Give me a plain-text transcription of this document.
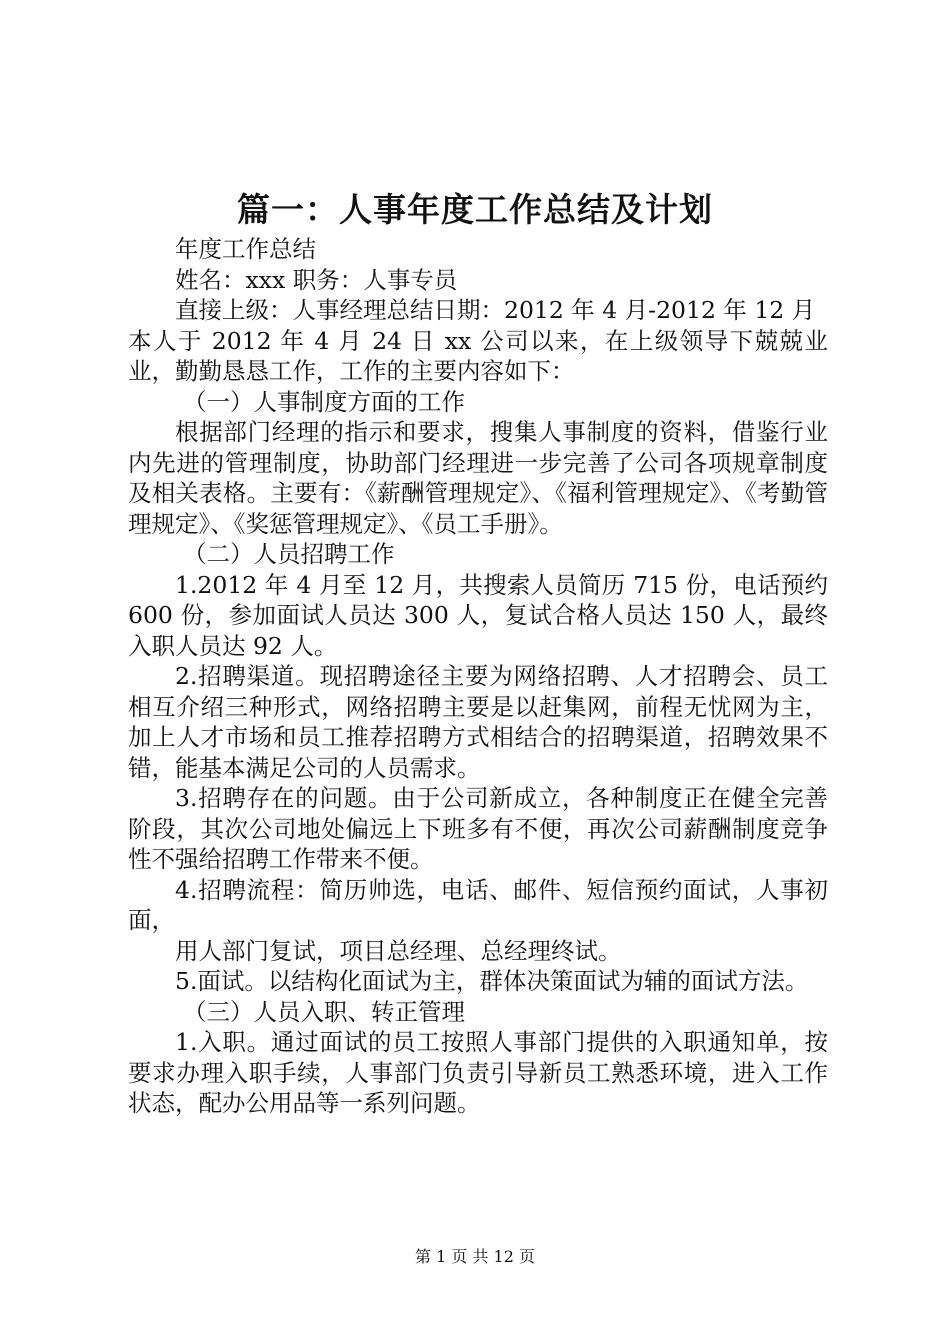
篇一：人事年度工作总结及计划

年度工作总结

姓名：xxx 职务：人事专员

直接上级：人事经理总结日期：2012 年 4 月-2012 年 12 月

本人于 2012 年 4 月 24 日 xx 公司以来，在上级领导下兢兢业业，勤勤恳恳工作，工作的主要内容如下：

（一）人事制度方面的工作

根据部门经理的指示和要求，搜集人事制度的资料，借鉴行业内先进的管理制度，协助部门经理进一步完善了公司各项规章制度及相关表格。主要有：《薪酬管理规定》、《福利管理规定》、《考勤管理规定》、《奖惩管理规定》、《员工手册》。

（二）人员招聘工作

1.2012 年 4 月至 12 月，共搜索人员简历 715 份，电话预约 600 份，参加面试人员达 300 人，复试合格人员达 150 人，最终入职人员达 92 人。

2.招聘渠道。现招聘途径主要为网络招聘、人才招聘会、员工相互介绍三种形式，网络招聘主要是以赶集网，前程无忧网为主，加上人才市场和员工推荐招聘方式相结合的招聘渠道，招聘效果不错，能基本满足公司的人员需求。

3.招聘存在的问题。由于公司新成立，各种制度正在健全完善阶段，其次公司地处偏远上下班多有不便，再次公司薪酬制度竞争性不强给招聘工作带来不便。

4.招聘流程：简历帅选，电话、邮件、短信预约面试，人事初面，

用人部门复试，项目总经理、总经理终试。

5.面试。以结构化面试为主，群体决策面试为辅的面试方法。

（三）人员入职、转正管理

1.入职。通过面试的员工按照人事部门提供的入职通知单，按要求办理入职手续，人事部门负责引导新员工熟悉环境，进入工作状态，配办公用品等一系列问题。

第 1 页 共 12 页
